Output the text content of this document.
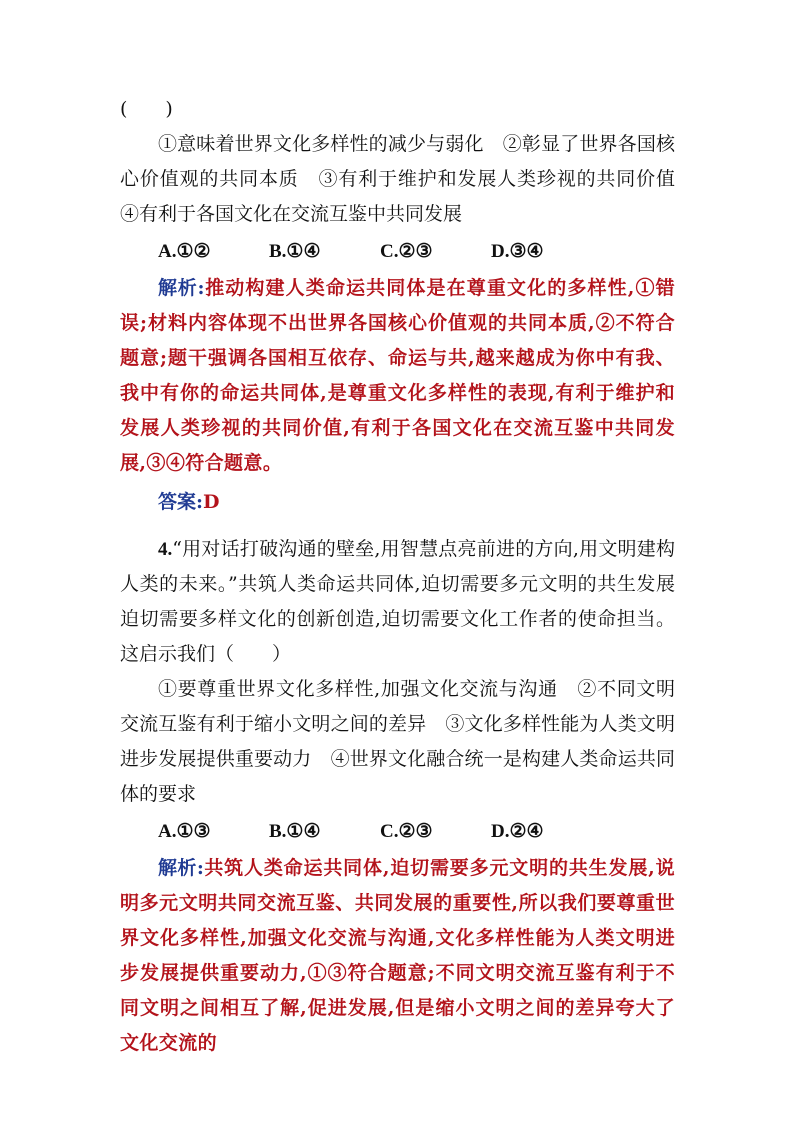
(　　)

①意味着世界文化多样性的减少与弱化　②彰显了世界各国核心价值观的共同本质　③有利于维护和发展人类珍视的共同价值　④有利于各国文化在交流互鉴中共同发展

A.①②	B.①④	C.②③	D.③④

解析:推动构建人类命运共同体是在尊重文化的多样性,①错误;材料内容体现不出世界各国核心价值观的共同本质,②不符合题意;题干强调各国相互依存、命运与共,越来越成为你中有我、我中有你的命运共同体,是尊重文化多样性的表现,有利于维护和发展人类珍视的共同价值,有利于各国文化在交流互鉴中共同发展,③④符合题意。

答案:D

4.“用对话打破沟通的壁垒,用智慧点亮前进的方向,用文明建构人类的未来。”共筑人类命运共同体,迫切需要多元文明的共生发展迫切需要多样文化的创新创造,迫切需要文化工作者的使命担当。这启示我们（　　）

①要尊重世界文化多样性,加强文化交流与沟通　②不同文明交流互鉴有利于缩小文明之间的差异　③文化多样性能为人类文明进步发展提供重要动力　④世界文化融合统一是构建人类命运共同体的要求

A.①③	B.①④	C.②③	D.②④

解析:共筑人类命运共同体,迫切需要多元文明的共生发展,说明多元文明共同交流互鉴、共同发展的重要性,所以我们要尊重世界文化多样性,加强文化交流与沟通,文化多样性能为人类文明进步发展提供重要动力,①③符合题意;不同文明交流互鉴有利于不同文明之间相互了解,促进发展,但是缩小文明之间的差异夸大了文化交流的
